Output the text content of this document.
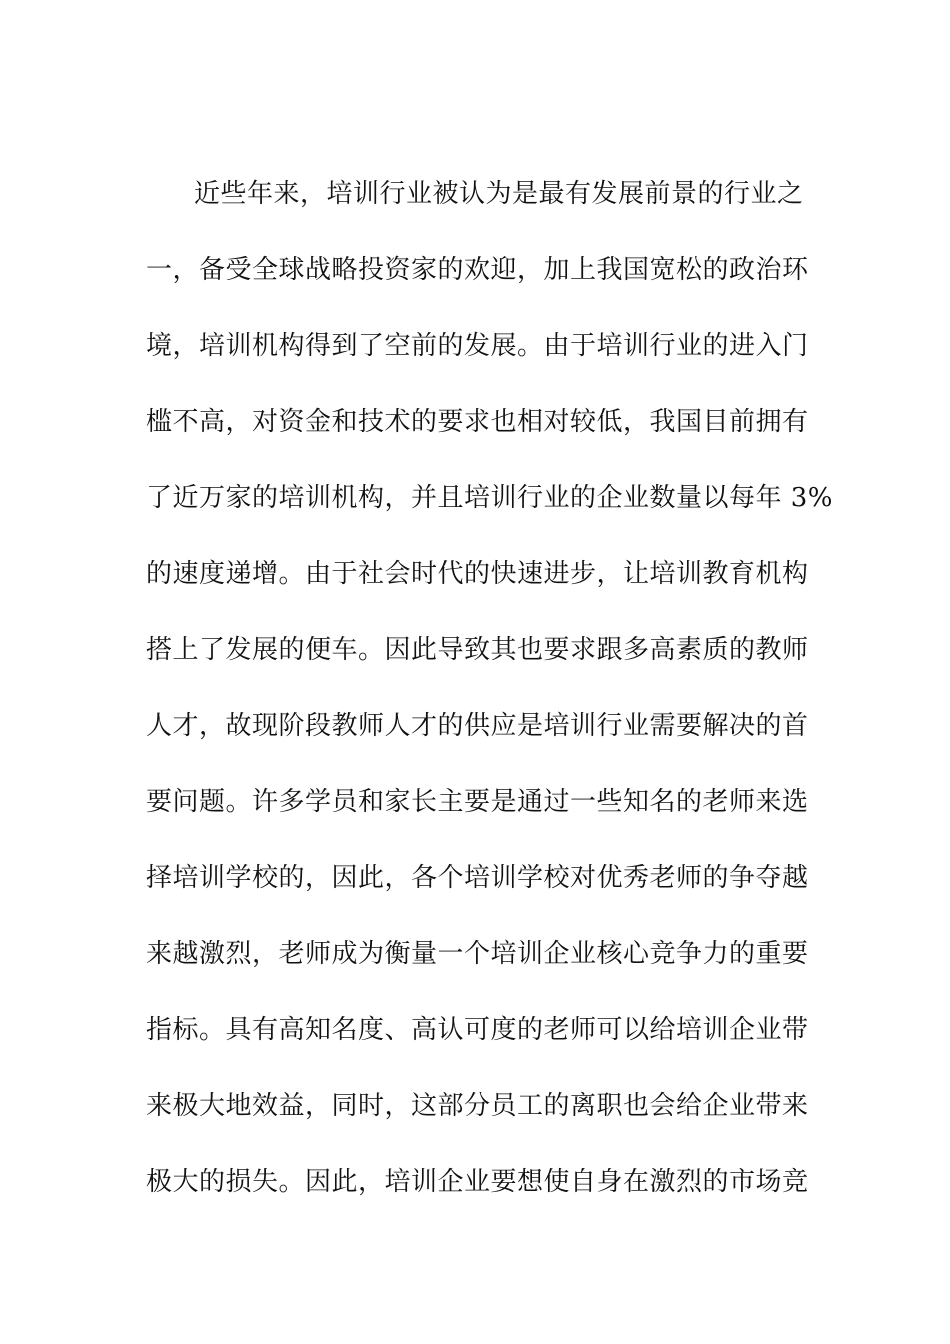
近些年来，培训行业被认为是最有发展前景的行业之
一，备受全球战略投资家的欢迎，加上我国宽松的政治环
境，培训机构得到了空前的发展。由于培训行业的进入门
槛不高，对资金和技术的要求也相对较低，我国目前拥有
了近万家的培训机构，并且培训行业的企业数量以每年 3%
的速度递增。由于社会时代的快速进步，让培训教育机构
搭上了发展的便车。因此导致其也要求跟多高素质的教师
人才，故现阶段教师人才的供应是培训行业需要解决的首
要问题。许多学员和家长主要是通过一些知名的老师来选
择培训学校的，因此，各个培训学校对优秀老师的争夺越
来越激烈，老师成为衡量一个培训企业核心竞争力的重要
指标。具有高知名度、高认可度的老师可以给培训企业带
来极大地效益，同时，这部分员工的离职也会给企业带来
极大的损失。因此，培训企业要想使自身在激烈的市场竞
